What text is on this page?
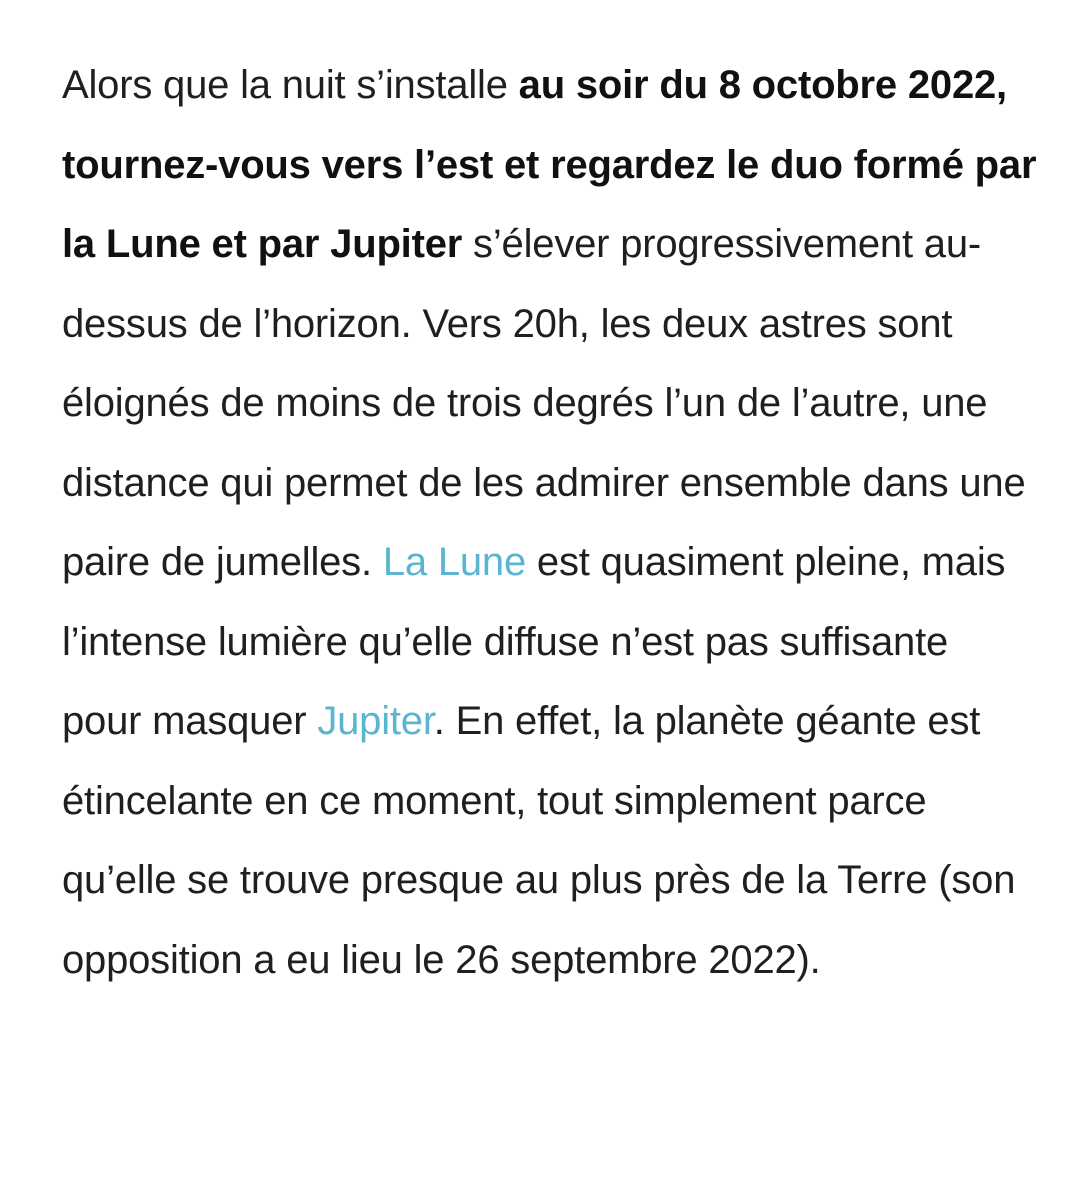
Alors que la nuit s’installe au soir du 8 octobre 2022, tournez-vous vers l’est et regardez le duo formé par la Lune et par Jupiter s’élever progressivement au-dessus de l’horizon. Vers 20h, les deux astres sont éloignés de moins de trois degrés l’un de l’autre, une distance qui permet de les admirer ensemble dans une paire de jumelles. La Lune est quasiment pleine, mais l’intense lumière qu’elle diffuse n’est pas suffisante pour masquer Jupiter. En effet, la planète géante est étincelante en ce moment, tout simplement parce qu’elle se trouve presque au plus près de la Terre (son opposition a eu lieu le 26 septembre 2022).
